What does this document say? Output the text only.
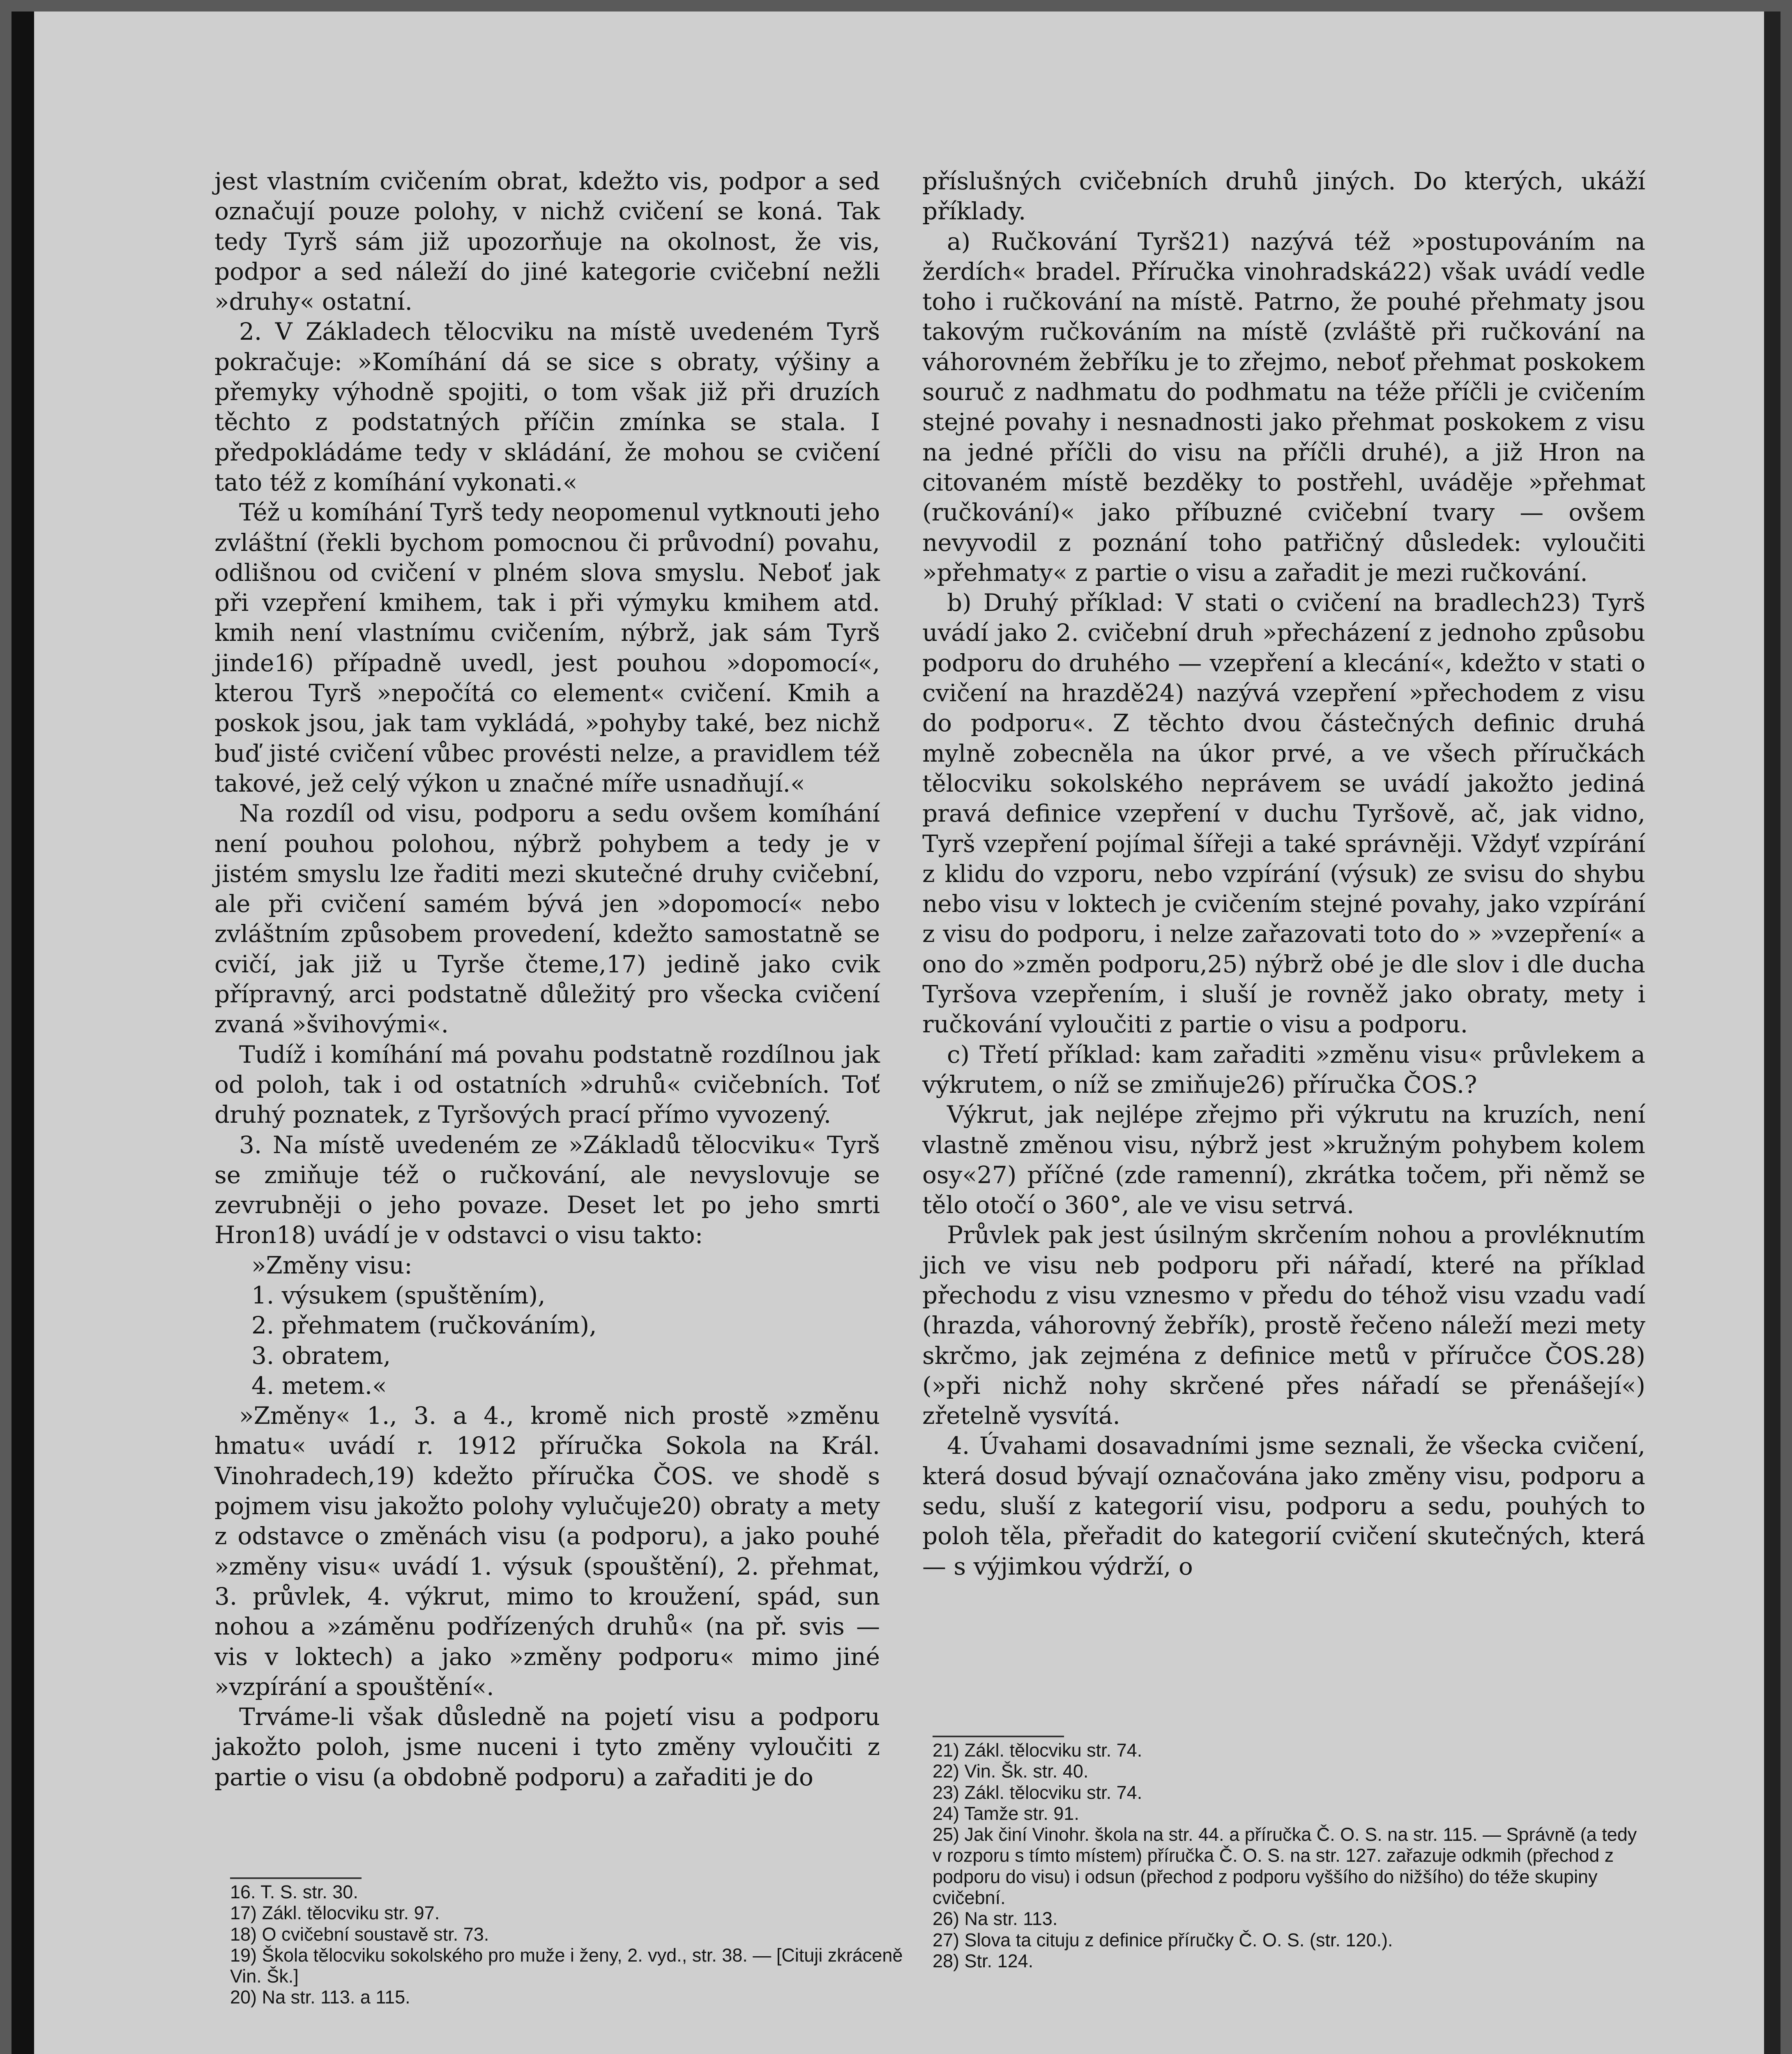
jest vlastním cvičením obrat, kdežto vis, podpor a sed označují pouze polohy, v nichž cvičení se koná. Tak tedy Tyrš sám již upozorňuje na okolnost, že vis, podpor a sed náleží do jiné kategorie cvičební nežli »druhy« ostatní.

2. V Základech tělocviku na místě uvedeném Tyrš pokračuje: »Komíhání dá se sice s obraty, výšiny a přemyky výhodně spojiti, o tom však již při druzích těchto z podstatných příčin zmínka se stala. I předpokládáme tedy v skládání, že mohou se cvičení tato též z komíhání vykonati.«

Též u komíhání Tyrš tedy neopomenul vytknouti jeho zvláštní (řekli bychom pomocnou či průvodní) povahu, odlišnou od cvičení v plném slova smyslu. Neboť jak při vzepření kmihem, tak i při výmyku kmihem atd. kmih není vlastnímu cvičením, nýbrž, jak sám Tyrš jinde16) případně uvedl, jest pouhou »dopomocí«, kterou Tyrš »nepočítá co element« cvičení. Kmih a poskok jsou, jak tam vykládá, »pohyby také, bez nichž buď jisté cvičení vůbec provésti nelze, a pravidlem též takové, jež celý výkon u značné míře usnadňují.«

Na rozdíl od visu, podporu a sedu ovšem komíhání není pouhou polohou, nýbrž pohybem a tedy je v jistém smyslu lze řaditi mezi skutečné druhy cvičební, ale při cvičení samém bývá jen »dopomocí« nebo zvláštním způsobem provedení, kdežto samostatně se cvičí, jak již u Tyrše čteme,17) jedině jako cvik přípravný, arci podstatně důležitý pro všecka cvičení zvaná »švihovými«.

Tudíž i komíhání má povahu podstatně rozdílnou jak od poloh, tak i od ostatních »druhů« cvičebních. Toť druhý poznatek, z Tyršových prací přímo vyvozený.

3. Na místě uvedeném ze »Základů tělocviku« Tyrš se zmiňuje též o ručkování, ale nevyslovuje se zevrubněji o jeho povaze. Deset let po jeho smrti Hron18) uvádí je v odstavci o visu takto:

»Změny visu:

1. výsukem (spuštěním),

2. přehmatem (ručkováním),

3. obratem,

4. metem.«

»Změny« 1., 3. a 4., kromě nich prostě »změnu hmatu« uvádí r. 1912 příručka Sokola na Král. Vinohradech,19) kdežto příručka ČOS. ve shodě s pojmem visu jakožto polohy vylučuje20) obraty a mety z odstavce o změnách visu (a podporu), a jako pouhé »změny visu« uvádí 1. výsuk (spouštění), 2. přehmat, 3. průvlek, 4. výkrut, mimo to kroužení, spád, sun nohou a »záměnu podřízených druhů« (na př. svis — vis v loktech) a jako »změny podporu« mimo jiné »vzpírání a spouštění«.

Trváme-li však důsledně na pojetí visu a podporu jakožto poloh, jsme nuceni i tyto změny vyloučiti z partie o visu (a obdobně podporu) a zařaditi je do

16. T. S. str. 30.

17) Zákl. tělocviku str. 97.

18) O cvičební soustavě str. 73.

19) Škola tělocviku sokolského pro muže i ženy, 2. vyd., str. 38. — [Cituji zkráceně Vin. Šk.]

20) Na str. 113. a 115.

příslušných cvičebních druhů jiných. Do kterých, ukáží příklady.

a) Ručkování Tyrš21) nazývá též »postupováním na žerdích« bradel. Příručka vinohradská22) však uvádí vedle toho i ručkování na místě. Patrno, že pouhé přehmaty jsou takovým ručkováním na místě (zvláště při ručkování na váhorovném žebříku je to zřejmo, neboť přehmat poskokem souruč z nadhmatu do podhmatu na téže příčli je cvičením stejné povahy i nesnadnosti jako přehmat poskokem z visu na jedné příčli do visu na příčli druhé), a již Hron na citovaném místě bezděky to postřehl, uváděje »přehmat (ručkování)« jako příbuzné cvičební tvary — ovšem nevyvodil z poznání toho patřičný důsledek: vyloučiti »přehmaty« z partie o visu a zařadit je mezi ručkování.

b) Druhý příklad: V stati o cvičení na bradlech23) Tyrš uvádí jako 2. cvičební druh »přecházení z jednoho způsobu podporu do druhého — vzepření a klecání«, kdežto v stati o cvičení na hrazdě24) nazývá vzepření »přechodem z visu do podporu«. Z těchto dvou částečných definic druhá mylně zobecněla na úkor prvé, a ve všech příručkách tělocviku sokolského neprávem se uvádí jakožto jediná pravá definice vzepření v duchu Tyršově, ač, jak vidno, Tyrš vzepření pojímal šířeji a také správněji. Vždyť vzpírání z klidu do vzporu, nebo vzpírání (výsuk) ze svisu do shybu nebo visu v loktech je cvičením stejné povahy, jako vzpírání z visu do podporu, i nelze zařazovati toto do » »vzepření« a ono do »změn podporu,25) nýbrž obé je dle slov i dle ducha Tyršova vzepřením, i sluší je rovněž jako obraty, mety i ručkování vyloučiti z partie o visu a podporu.

c) Třetí příklad: kam zařaditi »změnu visu« průvlekem a výkrutem, o níž se zmiňuje26) příručka ČOS.?

Výkrut, jak nejlépe zřejmo při výkrutu na kruzích, není vlastně změnou visu, nýbrž jest »kružným pohybem kolem osy«27) příčné (zde ramenní), zkrátka točem, při němž se tělo otočí o 360°, ale ve visu setrvá.

Průvlek pak jest úsilným skrčením nohou a provléknutím jich ve visu neb podporu při nářadí, které na příklad přechodu z visu vznesmo v předu do téhož visu vzadu vadí (hrazda, váhorovný žebřík), prostě řečeno náleží mezi mety skrčmo, jak zejména z definice metů v příručce ČOS.28) (»při nichž nohy skrčené přes nářadí se přenášejí«) zřetelně vysvítá.

4. Úvahami dosavadními jsme seznali, že všecka cvičení, která dosud bývají označována jako změny visu, podporu a sedu, sluší z kategorií visu, podporu a sedu, pouhých to poloh těla, přeřadit do kategorií cvičení skutečných, která — s výjimkou výdrží, o

21) Zákl. tělocviku str. 74.

22) Vin. Šk. str. 40.

23) Zákl. tělocviku str. 74.

24) Tamže str. 91.

25) Jak činí Vinohr. škola na str. 44. a příručka Č. O. S. na str. 115. — Správně (a tedy v rozporu s tímto místem) příručka Č. O. S. na str. 127. zařazuje odkmih (přechod z podporu do visu) i odsun (přechod z podporu vyššího do nižšího) do téže skupiny cvičební.

26) Na str. 113.

27) Slova ta cituju z definice příručky Č. O. S. (str. 120.).

28) Str. 124.
